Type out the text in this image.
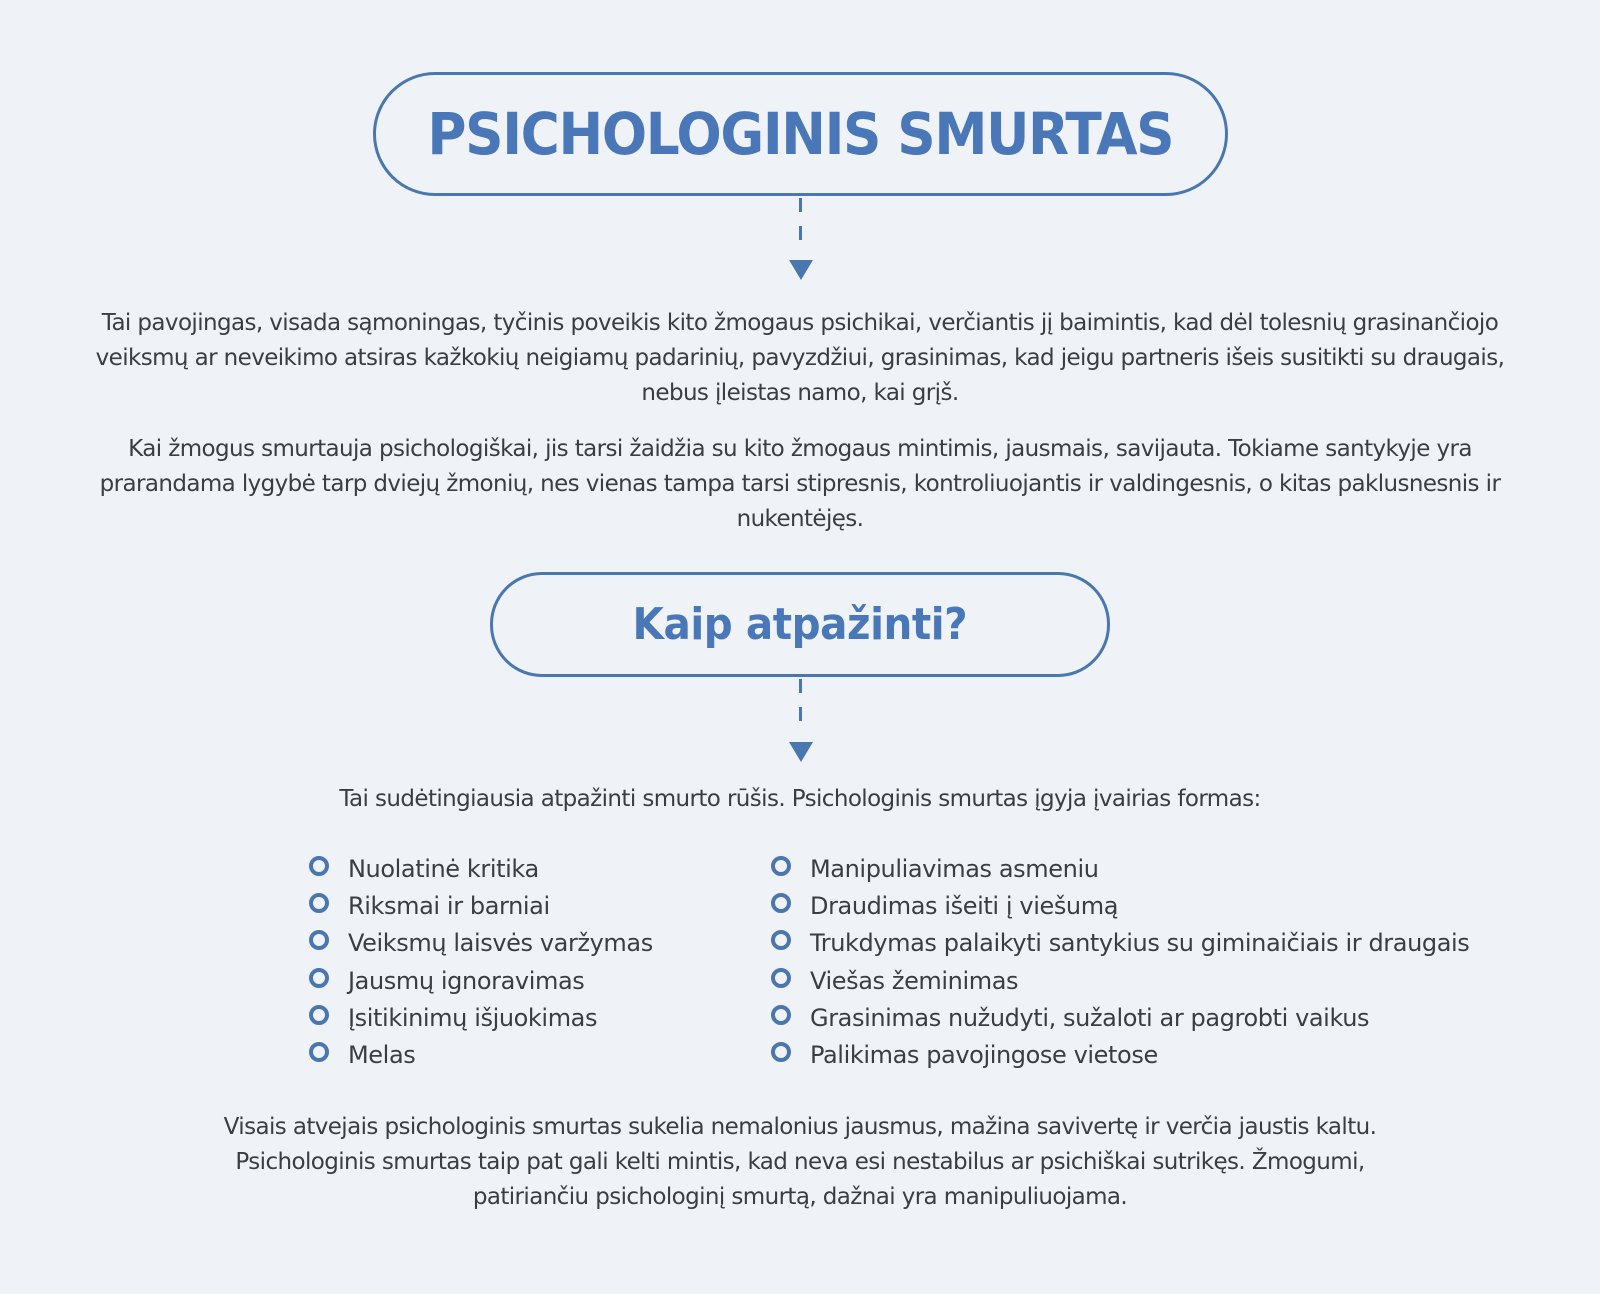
PSICHOLOGINIS SMURTAS

Tai pavojingas, visada sąmoningas, tyčinis poveikis kito žmogaus psichikai, verčiantis jį baimintis, kad dėl tolesnių grasinančiojo veiksmų ar neveikimo atsiras kažkokių neigiamų padarinių, pavyzdžiui, grasinimas, kad jeigu partneris išeis susitikti su draugais, nebus įleistas namo, kai grįš.

Kai žmogus smurtauja psichologiškai, jis tarsi žaidžia su kito žmogaus mintimis, jausmais, savijauta. Tokiame santykyje yra prarandama lygybė tarp dviejų žmonių, nes vienas tampa tarsi stipresnis, kontroliuojantis ir valdingesnis, o kitas paklusnesnis ir nukentėjęs.

Kaip atpažinti?

Tai sudėtingiausia atpažinti smurto rūšis. Psichologinis smurtas įgyja įvairias formas:

Nuolatinė kritika
Riksmai ir barniai
Veiksmų laisvės varžymas
Jausmų ignoravimas
Įsitikinimų išjuokimas
Melas
Manipuliavimas asmeniu
Draudimas išeiti į viešumą
Trukdymas palaikyti santykius su giminaičiais ir draugais
Viešas žeminimas
Grasinimas nužudyti, sužaloti ar pagrobti vaikus
Palikimas pavojingose vietose

Visais atvejais psichologinis smurtas sukelia nemalonius jausmus, mažina savivertę ir verčia jaustis kaltu. Psichologinis smurtas taip pat gali kelti mintis, kad neva esi nestabilus ar psichiškai sutrikęs. Žmogumi, patiriančiu psichologinį smurtą, dažnai yra manipuliuojama.
